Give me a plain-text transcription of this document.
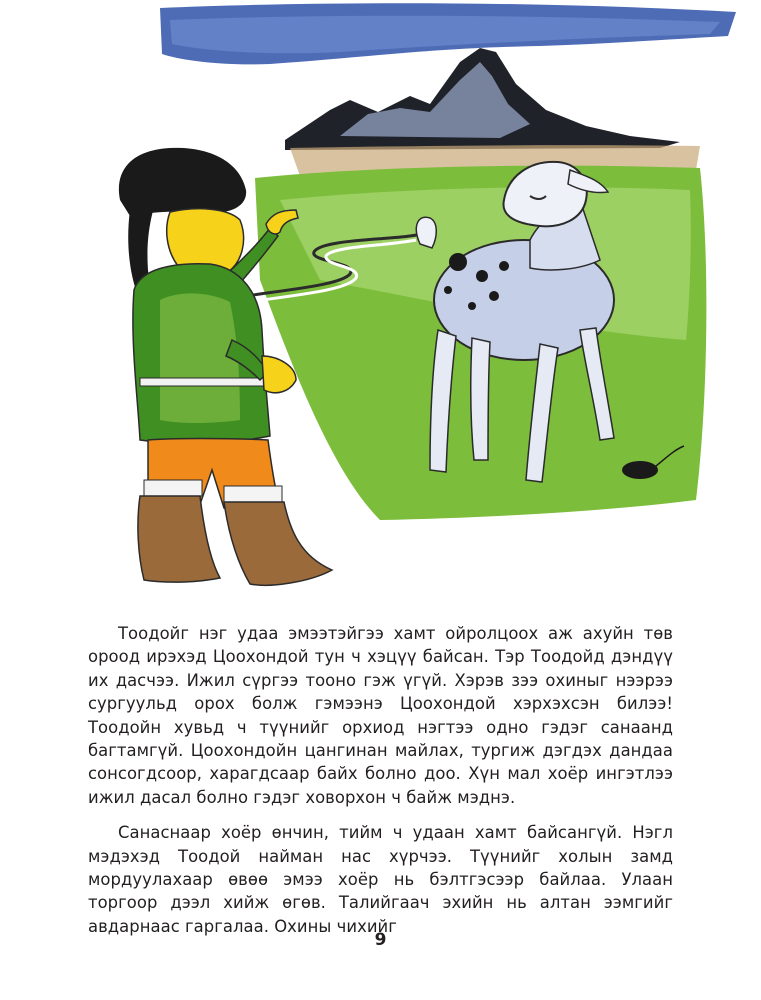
Тоодойг нэг удаа эмээтэйгээ хамт ойролцоох аж ахуйн төв ороод ирэхэд Цоохондой тун ч хэцүү байсан. Тэр Тоодойд дэндүү их дасчээ. Ижил сүргээ тооно гэж үгүй. Хэрэв зээ охиныг нээрээ сургуульд орох болж гэмээнэ Цоохондой хэрхэхсэн билээ! Тоодойн хувьд ч түүнийг орхиод нэгтээ одно гэдэг санаанд багтамгүй. Цоохондойн цангинан майлах, тургиж дэгдэх дандаа сонсогдсоор, харагдсаар байх болно доо. Хүн мал хоёр ингэтлээ ижил дасал болно гэдэг ховорхон ч байж мэднэ.

Санаснаар хоёр өнчин, тийм ч удаан хамт байсангүй. Нэгл мэдэхэд Тоодой найман нас хүрчээ. Түүнийг холын замд мордуулахаар өвөө эмээ хоёр нь бэлтгэсээр байлаа. Улаан торгоор дээл хийж өгөв. Талийгаач эхийн нь алтан ээмгийг авдарнаас гаргалаа. Охины чихийг

9
